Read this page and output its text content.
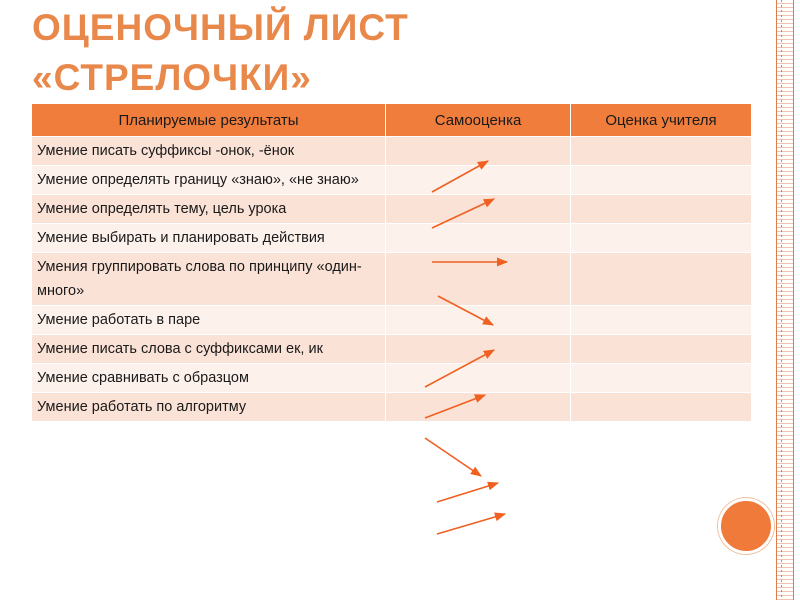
ОЦЕНОЧНЫЙ ЛИСТ
«СТРЕЛОЧКИ»
Планируемые результаты	Самооценка	Оценка учителя
Умение писать суффиксы -онок, -ёнок		
Умение определять границу «знаю», «не знаю»		
Умение определять тему, цель урока		
Умение выбирать и планировать действия		
Умения группировать слова по принципу «один-много»		
Умение работать в паре		
Умение писать слова с суффиксами ек, ик		
Умение сравнивать с образцом		
Умение работать по алгоритму		
